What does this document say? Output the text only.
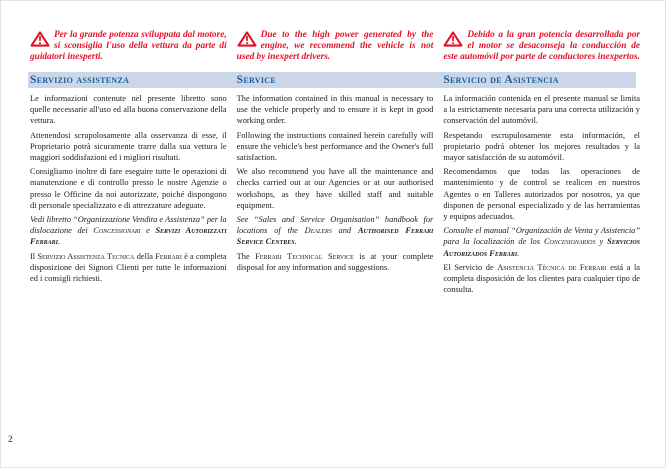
Per la grande potenza sviluppata dal motore, si sconsiglia l'uso della vettura da parte di guidatori inesperti.
Servizio assistenza

Le informazioni contenute nel presente libretto sono quelle necessarie all'uso ed alla buona conservazione della vettura.

Attenendosi scrupolosamente alla osservanza di esse, il Proprietario potrà sicuramente trarre dalla sua vettura le maggiori soddisfazioni ed i migliori risultati.

Consigliamo inoltre di fare eseguire tutte le operazioni di manutenzione e di controllo presso le nostre Agenzie o presso le Officine da noi autorizzate, poiché dispongono di personale specializzato e di attrezzature adeguate.

Vedi libretto “Organizzazione Vendita e Assistenza” per la dislocazione dei Concessionari e Servizi Autorizzati Ferrari.

Il Servizio Assistenza Tecnica della Ferrari è a completa disposizione dei Signori Clienti per tutte le informazioni ed i consigli richiesti.

Due to the high power generated by the engine, we recommend the vehicle is not used by inexpert drivers.
Service

The information contained in this manual is necessary to use the vehicle properly and to ensure it is kept in good working order.

Following the instructions contained herein carefully will ensure the vehicle's best performance and the Owner's full satisfaction.

We also recommend you have all the maintenance and checks carried out at our Agencies or at our authorised workshops, as they have skilled staff and suitable equipment.

See “Sales and Service Organisation” handbook for locations of the Dealers and Authorised Ferrari Service Centres.

The Ferrari Technical Service is at your complete disposal for any information and suggestions.

Debido a la gran potencia desarrollada por el motor se desaconseja la conducción de este automóvil por parte de conductores inexpertos.
Servicio de Asistencia

La información contenida en el presente manual se limita a la estrictamente necesaria para una correcta utilización y conservación del automóvil.

Respetando escrupulosamente esta información, el propietario podrá obtener los mejores resultados y la mayor satisfacción de su automóvil.

Recomendamos que todas las operaciones de mantenimiento y de control se realicen en nuestros Agentes o en Talleres autorizados por nosotros, ya que disponen de personal especializado y de las herramientas y equipos adecuados.

Consulte el manual “Organización de Venta y Asistencia” para la localización de los Concesionarios y Servicios Autorizados Ferrari.

El Servicio de Asistencia Técnica de Ferrari está a la completa disposición de los clientes para cualquier tipo de consulta.

2
